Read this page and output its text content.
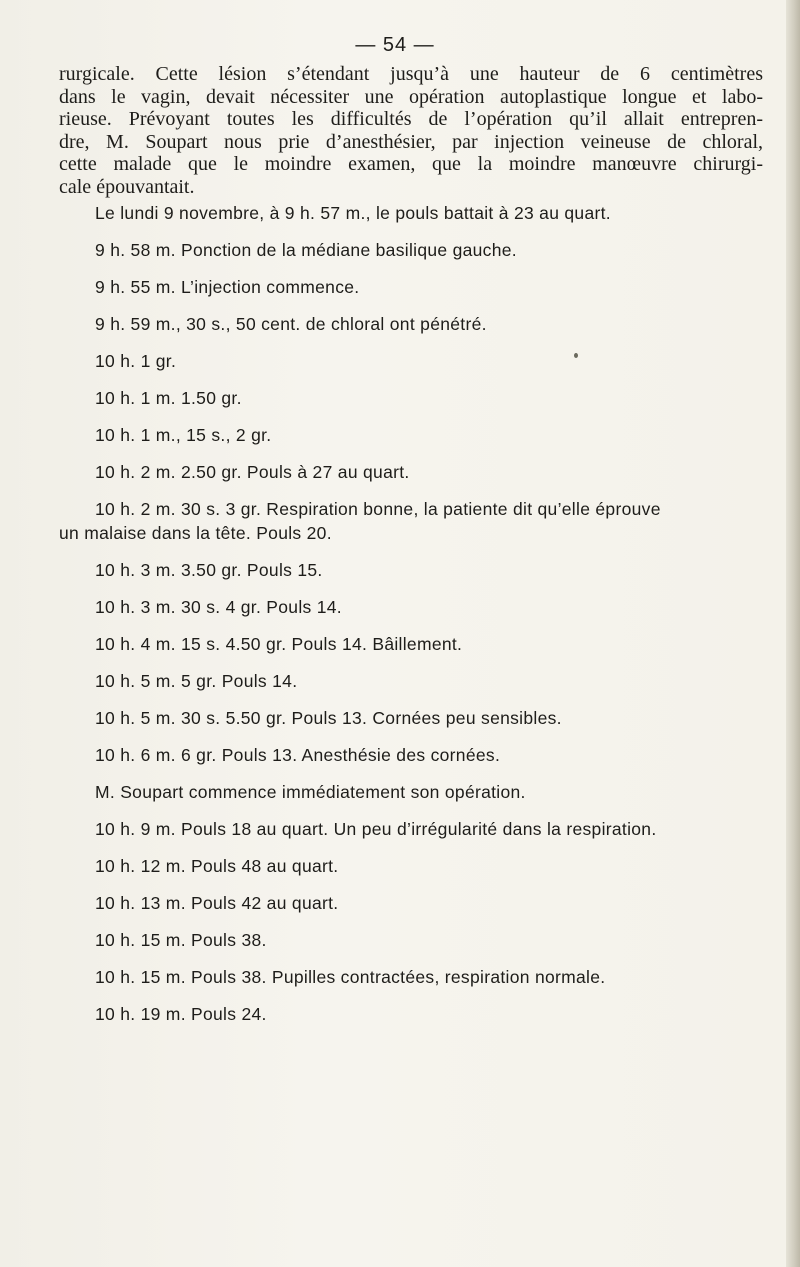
— 54 —
rurgicale. Cette lésion s’étendant jusqu’à une hauteur de 6 centimètres
dans le vagin, devait nécessiter une opération autoplastique longue et labo-
rieuse. Prévoyant toutes les difficultés de l’opération qu’il allait entrepren-
dre, M. Soupart nous prie d’anesthésier, par injection veineuse de chloral,
cette malade que le moindre examen, que la moindre manœuvre chirurgi-
cale épouvantait.
Le lundi 9 novembre, à 9 h. 57 m., le pouls battait à 23 au quart.
9 h. 58 m. Ponction de la médiane basilique gauche.
9 h. 55 m. L’injection commence.
9 h. 59 m., 30 s., 50 cent. de chloral ont pénétré.
10 h. 1 gr.
10 h. 1 m. 1.50 gr.
10 h. 1 m., 15 s., 2 gr.
10 h. 2 m. 2.50 gr. Pouls à 27 au quart.
10 h. 2 m. 30 s. 3 gr. Respiration bonne, la patiente dit qu’elle éprouve
un malaise dans la tête. Pouls 20.
10 h. 3 m. 3.50 gr. Pouls 15.
10 h. 3 m. 30 s. 4 gr. Pouls 14.
10 h. 4 m. 15 s. 4.50 gr. Pouls 14. Bâillement.
10 h. 5 m. 5 gr. Pouls 14.
10 h. 5 m. 30 s. 5.50 gr. Pouls 13. Cornées peu sensibles.
10 h. 6 m. 6 gr. Pouls 13. Anesthésie des cornées.
M. Soupart commence immédiatement son opération.
10 h. 9 m. Pouls 18 au quart. Un peu d’irrégularité dans la respiration.
10 h. 12 m. Pouls 48 au quart.
10 h. 13 m. Pouls 42 au quart.
10 h. 15 m. Pouls 38.
10 h. 15 m. Pouls 38. Pupilles contractées, respiration normale.
10 h. 19 m. Pouls 24.
